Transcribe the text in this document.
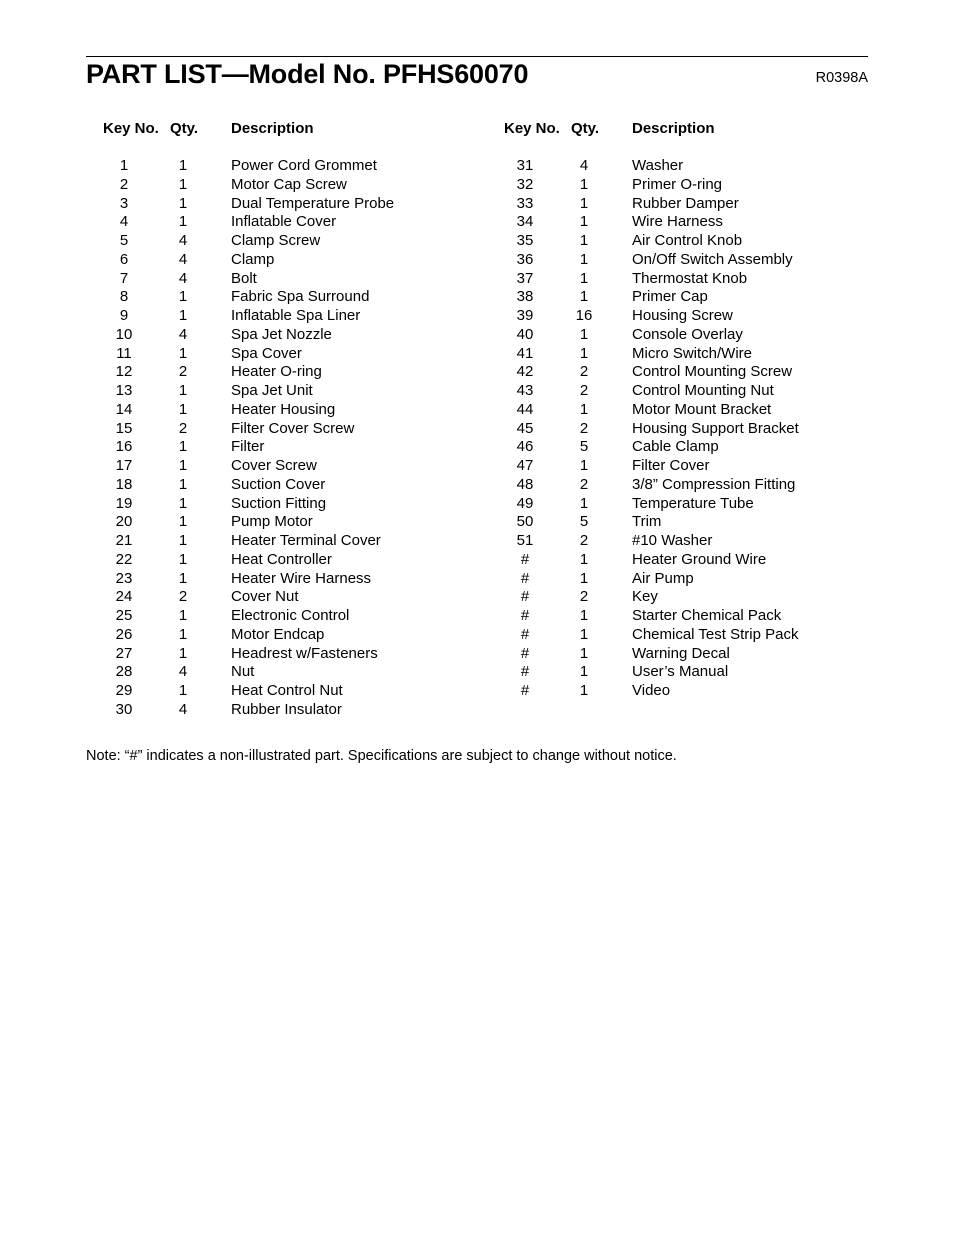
PART LIST—Model No. PFHS60070	R0398A
Key No. Qty. Description
1	1	Power Cord Grommet
2	1	Motor Cap Screw
3	1	Dual Temperature Probe
4	1	Inflatable Cover
5	4	Clamp Screw
6	4	Clamp
7	4	Bolt
8	1	Fabric Spa Surround
9	1	Inflatable Spa Liner
10	4	Spa Jet Nozzle
11	1	Spa Cover
12	2	Heater O-ring
13	1	Spa Jet Unit
14	1	Heater Housing
15	2	Filter Cover Screw
16	1	Filter
17	1	Cover Screw
18	1	Suction Cover
19	1	Suction Fitting
20	1	Pump Motor
21	1	Heater Terminal Cover
22	1	Heat Controller
23	1	Heater Wire Harness
24	2	Cover Nut
25	1	Electronic Control
26	1	Motor Endcap
27	1	Headrest w/Fasteners
28	4	Nut
29	1	Heat Control Nut
30	4	Rubber Insulator
Key No. Qty. Description
31	4	Washer
32	1	Primer O-ring
33	1	Rubber Damper
34	1	Wire Harness
35	1	Air Control Knob
36	1	On/Off Switch Assembly
37	1	Thermostat Knob
38	1	Primer Cap
39	16	Housing Screw
40	1	Console Overlay
41	1	Micro Switch/Wire
42	2	Control Mounting Screw
43	2	Control Mounting Nut
44	1	Motor Mount Bracket
45	2	Housing Support Bracket
46	5	Cable Clamp
47	1	Filter Cover
48	2	3/8” Compression Fitting
49	1	Temperature Tube
50	5	Trim
51	2	#10 Washer
#	1	Heater Ground Wire
#	1	Air Pump
#	2	Key
#	1	Starter Chemical Pack
#	1	Chemical Test Strip Pack
#	1	Warning Decal
#	1	User’s Manual
#	1	Video
Note: “#” indicates a non-illustrated part. Specifications are subject to change without notice.
